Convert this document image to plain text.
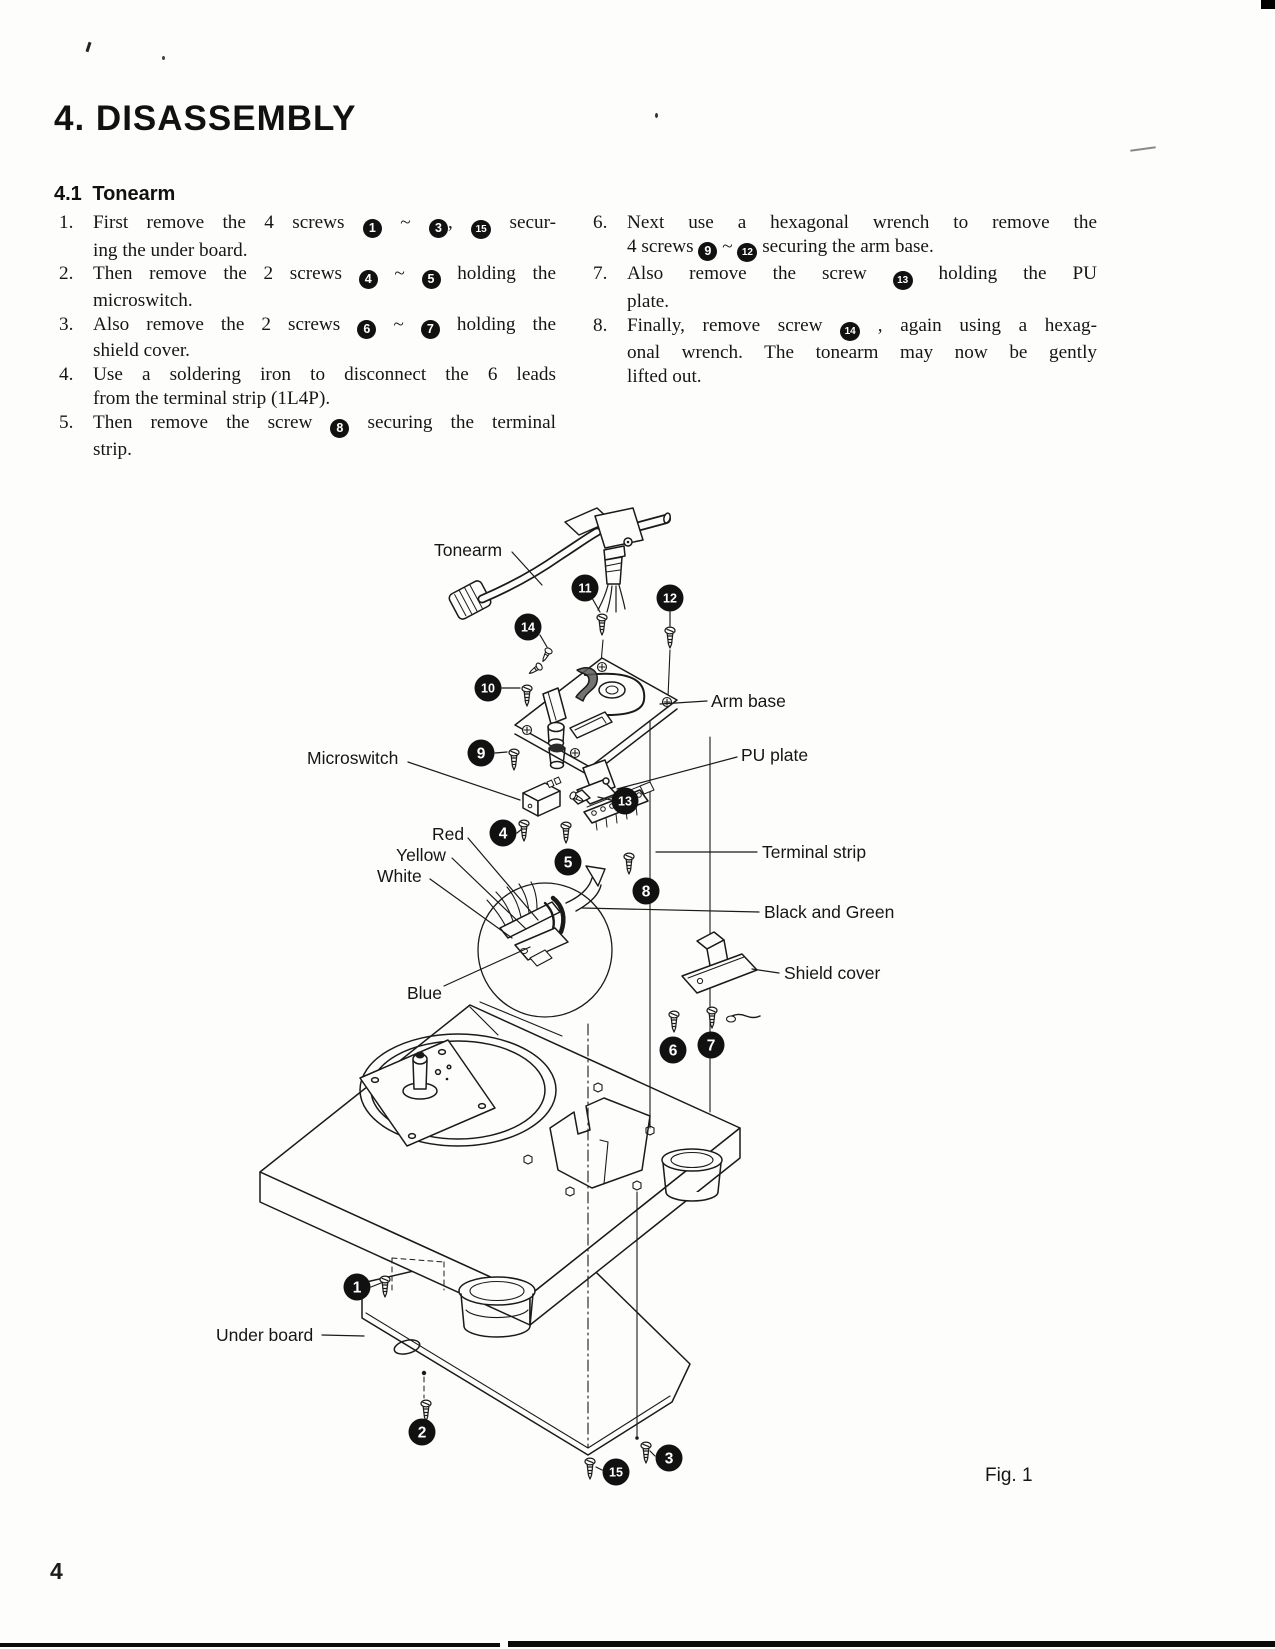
4. DISASSEMBLY
4.1 Tonearm
1.	First remove the 4 screws 1 ~ 3 , 15 secur-
ing the under board.
2.	Then remove the 2 screws 4 ~ 5 holding the
microswitch.
3.	Also remove the 2 screws 6 ~ 7 holding the
shield cover.
4.	Use a soldering iron to disconnect the 6 leads
from the terminal strip (1L4P).
5.	Then remove the screw 8 securing the terminal
strip.
6.	Next use a hexagonal wrench to remove the
4 screws 9 ~ 12 securing the arm base.
7.	Also remove the screw 13 holding the PU
plate.
8.	Finally, remove screw 14 , again using a hexag-
onal wrench. The tonearm may now be gently
lifted out.
Tonearm
Arm base
Microswitch	PU plate
Terminal strip
Black and Green
Shield cover
Red
Yellow
White
Blue
Under board
Fig. 1
1
2
3
4
5
6 7
8
9
10
11
12
13
14
15
4
